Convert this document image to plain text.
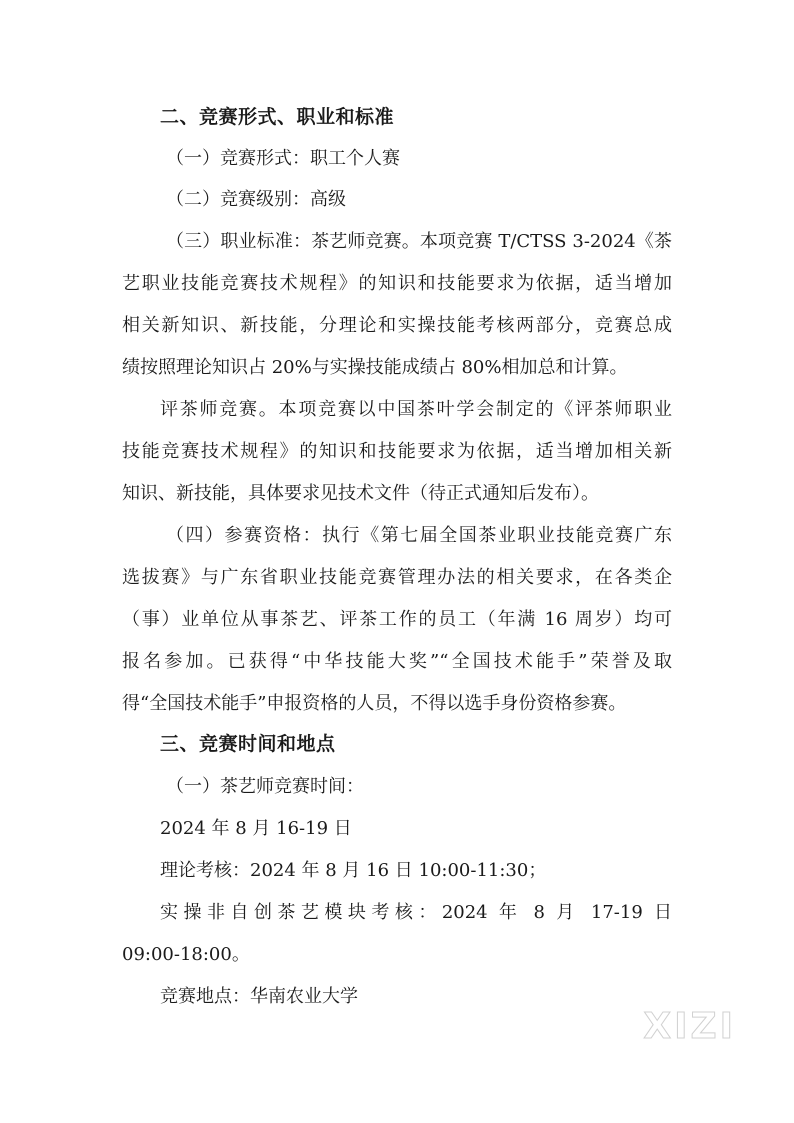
二、竞赛形式、职业和标准
（一）竞赛形式：职工个人赛
（二）竞赛级别：高级
（三）职业标准：茶艺师竞赛。本项竞赛 T/CTSS 3-2024《茶
艺职业技能竞赛技术规程》的知识和技能要求为依据，适当增加
相关新知识、新技能，分理论和实操技能考核两部分，竞赛总成
绩按照理论知识占 20%与实操技能成绩占 80%相加总和计算。
评茶师竞赛。本项竞赛以中国茶叶学会制定的《评茶师职业
技能竞赛技术规程》的知识和技能要求为依据，适当增加相关新
知识、新技能，具体要求见技术文件（待正式通知后发布）。
（四）参赛资格：执行《第七届全国茶业职业技能竞赛广东
选拔赛》与广东省职业技能竞赛管理办法的相关要求，在各类企
（事）业单位从事茶艺、评茶工作的员工（年满 16 周岁）均可
报名参加。已获得“中华技能大奖”“全国技术能手”荣誉及取
得“全国技术能手”申报资格的人员，不得以选手身份资格参赛。
三、竞赛时间和地点
（一）茶艺师竞赛时间：
2024 年 8 月 16-19 日
理论考核：2024 年 8 月 16 日 10:00-11:30；
实操非自创茶艺模块考核：2024 年 8 月 17-19 日
09:00-18:00。
竞赛地点：华南农业大学
XIZI
